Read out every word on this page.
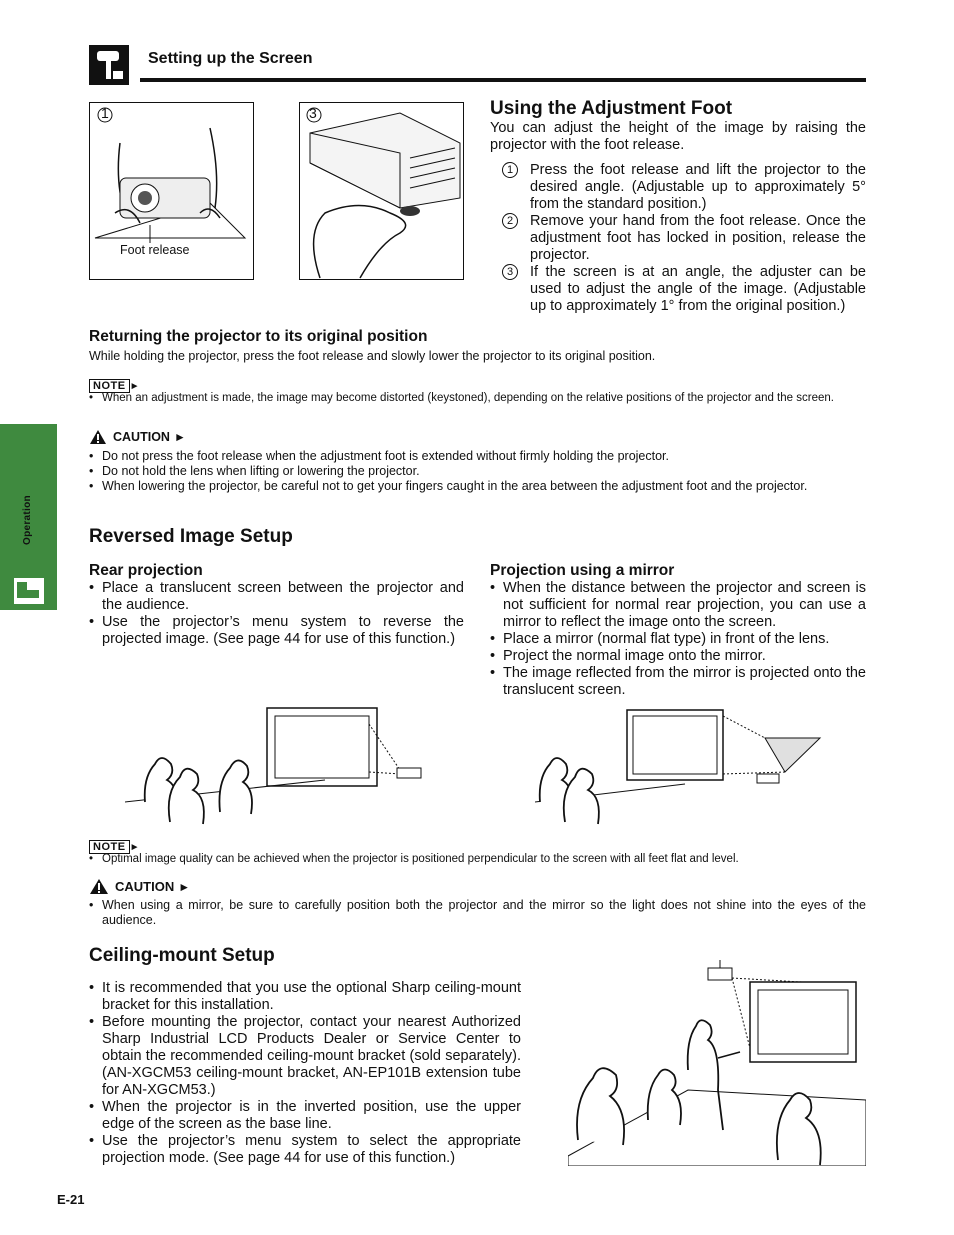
Setting up the Screen
Operation
1
Foot release
3	Using the Adjustment Foot
You can adjust the height of the image by raising the projector with the foot release.
1	Press the foot release and lift the projector to the desired angle. (Adjustable up to approximately 5° from the standard position.)
2	Remove your hand from the foot release. Once the adjustment foot has locked in position, release the projector.
3	If the screen is at an angle, the adjuster can be used to adjust the angle of the image. (Adjustable up to approximately 1° from the original position.)
Returning the projector to its original position
While holding the projector, press the foot release and slowly lower the projector to its original position.
NOTE ►
• When an adjustment is made, the image may become distorted (keystoned), depending on the relative positions of the projector and the screen.
CAUTION ►
• Do not press the foot release when the adjustment foot is extended without firmly holding the projector.
• Do not hold the lens when lifting or lowering the projector.
• When lowering the projector, be careful not to get your fingers caught in the area between the adjustment foot and the projector.
Reversed Image Setup
Rear projection
• Place a translucent screen between the projector and the audience.
• Use the projector’s menu system to reverse the projected image. (See page 44 for use of this function.)
Projection using a mirror
• When the distance between the projector and screen is not sufficient for normal rear projection, you can use a mirror to reflect the image onto the screen.
• Place a mirror (normal flat type) in front of the lens.
• Project the normal image onto the mirror.
• The image reflected from the mirror is projected onto the translucent screen.
NOTE ►
• Optimal image quality can be achieved when the projector is positioned perpendicular to the screen with all feet flat and level.
CAUTION ►
• When using a mirror, be sure to carefully position both the projector and the mirror so the light does not shine into the eyes of the audience.
Ceiling-mount Setup
• It is recommended that you use the optional Sharp ceiling-mount bracket for this installation.
• Before mounting the projector, contact your nearest Authorized Sharp Industrial LCD Products Dealer or Service Center to obtain the recommended ceiling-mount bracket (sold separately). (AN-XGCM53 ceiling-mount bracket, AN-EP101B extension tube for AN-XGCM53.)
• When the projector is in the inverted position, use the upper edge of the screen as the base line.
• Use the projector’s menu system to select the appropriate projection mode. (See page 44 for use of this function.)
E-21
